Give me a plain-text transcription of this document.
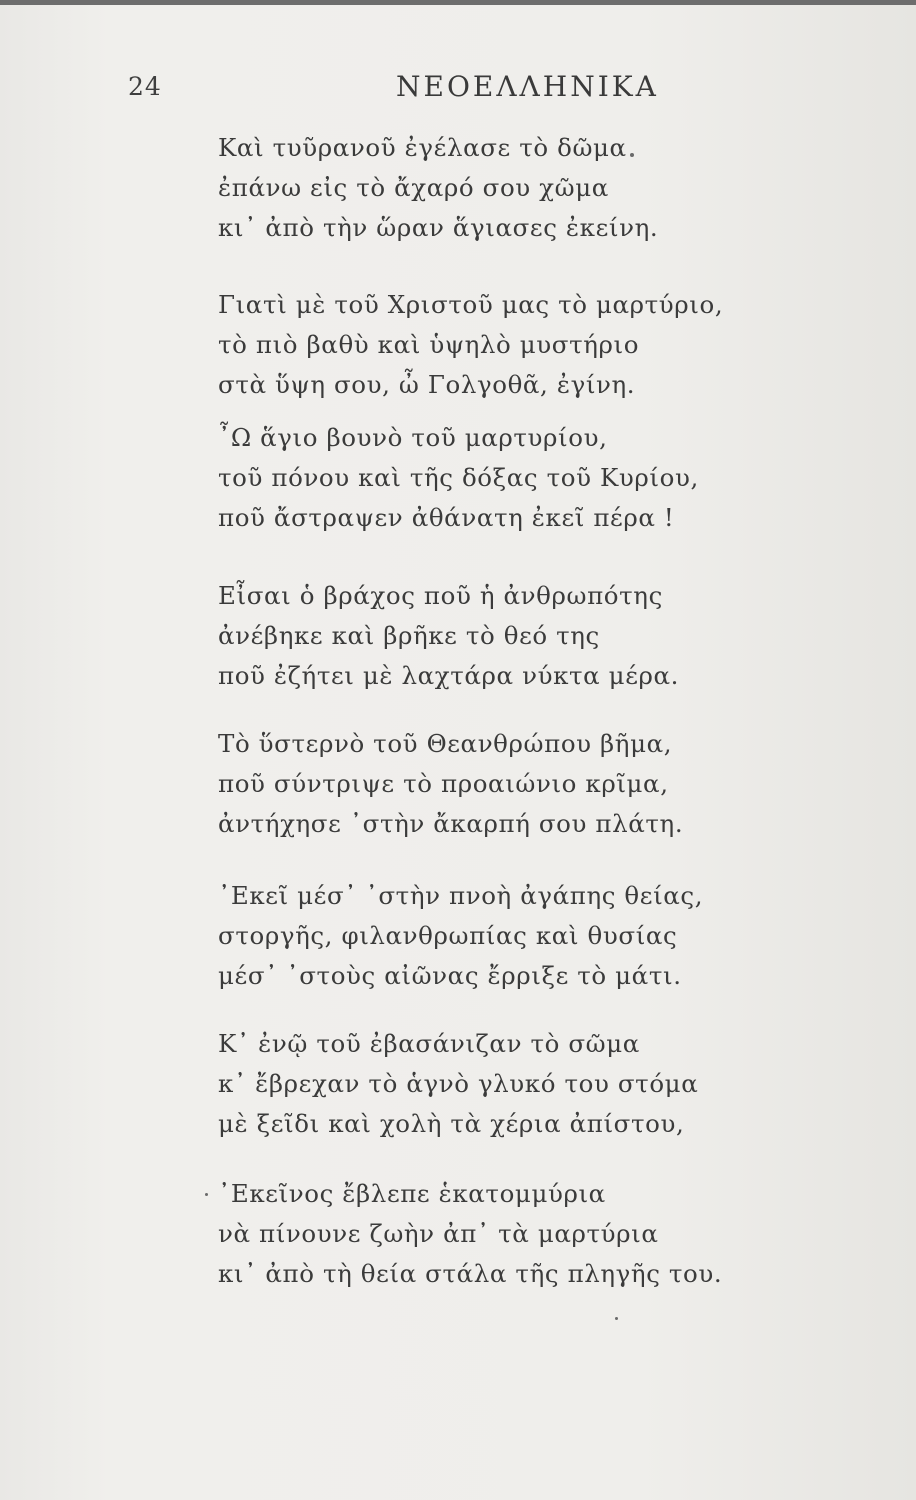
24	ΝΕΟΕΛΛΗΝΙΚΑ
Καὶ τυῦρανοῦ ἐγέλασε τὸ δῶμα
ἐπάνω εἰς τὸ ἄχαρό σου χῶμα
κι᾽ ἀπὸ τὴν ὥραν ἅγιασες ἐκείνη.
Γιατὶ μὲ τοῦ Χριστοῦ μας τὸ μαρτύριο,
τὸ πιὸ βαθὺ καὶ ὑψηλὸ μυστήριο
στὰ ὕψη σου, ὦ Γολγοθᾶ, ἐγίνη.
῏Ω ἅγιο βουνὸ τοῦ μαρτυρίου,
τοῦ πόνου καὶ τῆς δόξας τοῦ Κυρίου,
ποῦ ἄστραψεν ἀθάνατη ἐκεῖ πέρα !
Εἶσαι ὁ βράχος ποῦ ἡ ἀνθρωπότης
ἀνέβηκε καὶ βρῆκε τὸ θεό της
ποῦ ἐζήτει μὲ λαχτάρα νύκτα μέρα.
Τὸ ὕστερνὸ τοῦ Θεανθρώπου βῆμα,
ποῦ σύντριψε τὸ προαιώνιο κρῖμα,
ἀντήχησε ᾽στὴν ἄκαρπή σου πλάτη.
᾽Εκεῖ μέσ᾽ ᾽στὴν πνοὴ ἀγάπης θείας,
στοργῆς, φιλανθρωπίας καὶ θυσίας
μέσ᾽ ᾽στοὺς αἰῶνας ἔρριξε τὸ μάτι.
Κ᾽ ἐνῷ τοῦ ἐβασάνιζαν τὸ σῶμα
κ᾽ ἔβρεχαν τὸ ἁγνὸ γλυκό του στόμα
μὲ ξεῖδι καὶ χολὴ τὰ χέρια ἀπίστου,
᾽Εκεῖνος ἔβλεπε ἑκατομμύρια
νὰ πίνουνε ζωὴν ἀπ᾽ τὰ μαρτύρια
κι᾽ ἀπὸ τὴ θεία στάλα τῆς πληγῆς του.
